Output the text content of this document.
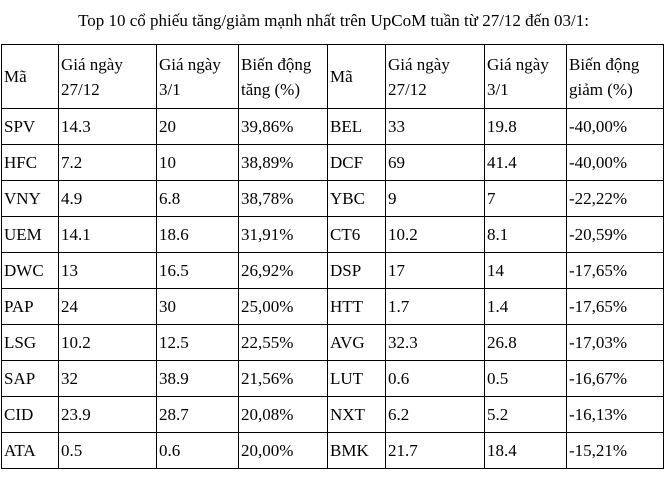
Top 10 cổ phiếu tăng/giảm mạnh nhất trên UpCoM tuần từ 27/12 đến 03/1:
Mã	Giá ngày 27/12	Giá ngày 3/1	Biến động tăng (%)	Mã	Giá ngày 27/12	Giá ngày 3/1	Biến động giảm (%)
SPV	14.3	20	39,86%	BEL	33	19.8	-40,00%
HFC	7.2	10	38,89%	DCF	69	41.4	-40,00%
VNY	4.9	6.8	38,78%	YBC	9	7	-22,22%
UEM	14.1	18.6	31,91%	CT6	10.2	8.1	-20,59%
DWC	13	16.5	26,92%	DSP	17	14	-17,65%
PAP	24	30	25,00%	HTT	1.7	1.4	-17,65%
LSG	10.2	12.5	22,55%	AVG	32.3	26.8	-17,03%
SAP	32	38.9	21,56%	LUT	0.6	0.5	-16,67%
CID	23.9	28.7	20,08%	NXT	6.2	5.2	-16,13%
ATA	0.5	0.6	20,00%	BMK	21.7	18.4	-15,21%
